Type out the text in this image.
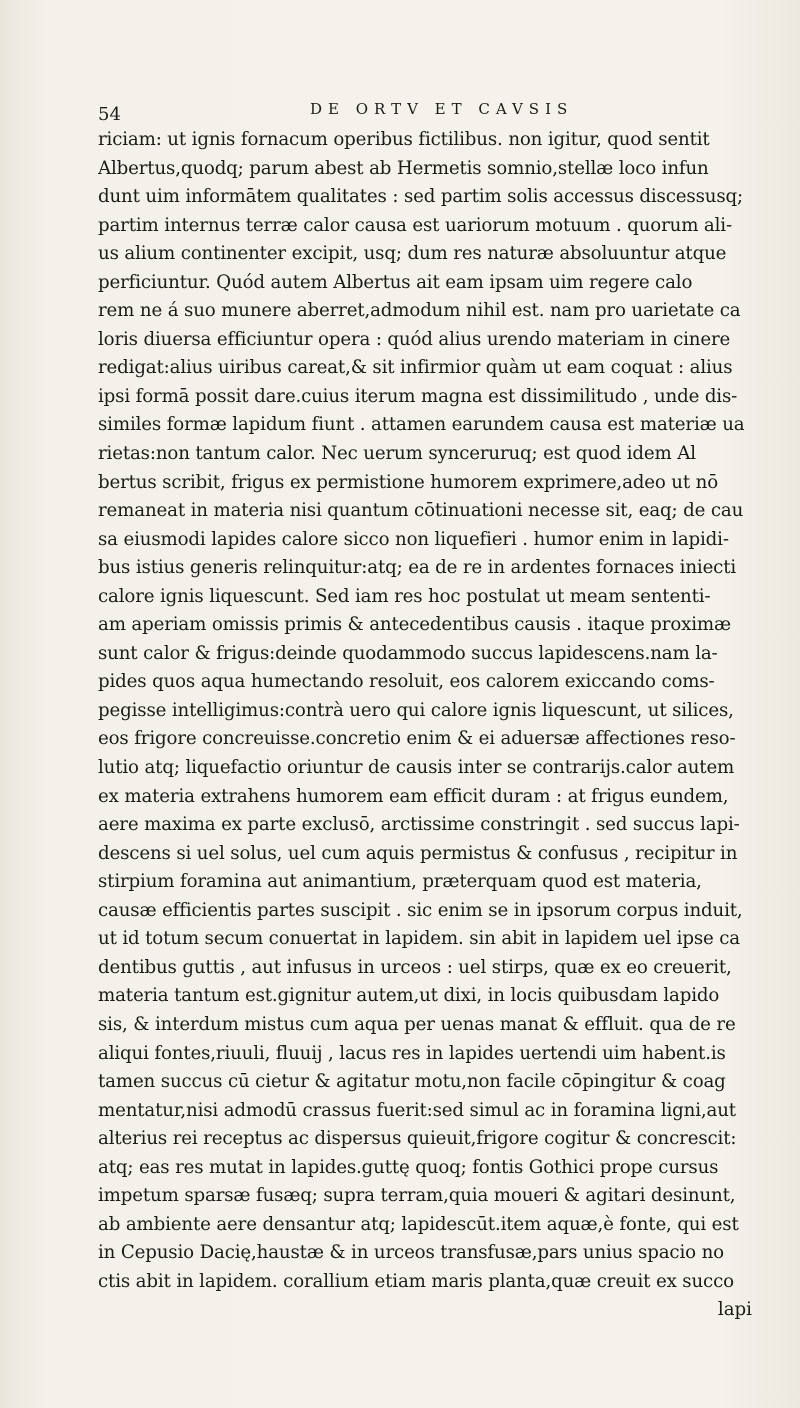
54	DE ORTV ET CAVSIS
riciam: ut ignis fornacum operibus fictilibus. non igitur, quod sentit
Albertus,quodq; parum abest ab Hermetis somnio,stellæ loco infun
dunt uim informātem qualitates : sed partim solis accessus discessusq;
partim internus terræ calor causa est uariorum motuum . quorum ali-
us alium continenter excipit, usq; dum res naturæ absoluuntur atque
perficiuntur. Quód autem Albertus ait eam ipsam uim regere calo
rem ne á suo munere aberret,admodum nihil est. nam pro uarietate ca
loris diuersa efficiuntur opera : quód alius urendo materiam in cinere
redigat:alius uiribus careat,& sit infirmior quàm ut eam coquat : alius
ipsi formā possit dare.cuius iterum magna est dissimilitudo , unde dis-
similes formæ lapidum fiunt . attamen earundem causa est materiæ ua
rietas:non tantum calor. Nec uerum synceruruq; est quod idem Al
bertus scribit, frigus ex permistione humorem exprimere,adeo ut nō
remaneat in materia nisi quantum cōtinuationi necesse sit, eaq; de cau
sa eiusmodi lapides calore sicco non liquefieri . humor enim in lapidi-
bus istius generis relinquitur:atq; ea de re in ardentes fornaces iniecti
calore ignis liquescunt. Sed iam res hoc postulat ut meam sententi-
am aperiam omissis primis & antecedentibus causis . itaque proximæ
sunt calor & frigus:deinde quodammodo succus lapidescens.nam la-
pides quos aqua humectando resoluit, eos calorem exiccando coms-
pegisse intelligimus:contrà uero qui calore ignis liquescunt, ut silices,
eos frigore concreuisse.concretio enim & ei aduersæ affectiones reso-
lutio atq; liquefactio oriuntur de causis inter se contrarijs.calor autem
ex materia extrahens humorem eam efficit duram : at frigus eundem,
aere maxima ex parte exclusō, arctissime constringit . sed succus lapi-
descens si uel solus, uel cum aquis permistus & confusus , recipitur in
stirpium foramina aut animantium, præterquam quod est materia,
causæ efficientis partes suscipit . sic enim se in ipsorum corpus induit,
ut id totum secum conuertat in lapidem. sin abit in lapidem uel ipse ca
dentibus guttis , aut infusus in urceos : uel stirps, quæ ex eo creuerit,
materia tantum est.gignitur autem,ut dixi, in locis quibusdam lapido
sis, & interdum mistus cum aqua per uenas manat & effluit. qua de re
aliqui fontes,riuuli, fluuij , lacus res in lapides uertendi uim habent.is
tamen succus cū cietur & agitatur motu,non facile cōpingitur & coag
mentatur,nisi admodū crassus fuerit:sed simul ac in foramina ligni,aut
alterius rei receptus ac dispersus quieuit,frigore cogitur & concrescit:
atq; eas res mutat in lapides.guttę quoq; fontis Gothici prope cursus
impetum sparsæ fusæq; supra terram,quia moueri & agitari desinunt,
ab ambiente aere densantur atq; lapidescūt.item aquæ,è fonte, qui est
in Cepusio Dacię,haustæ & in urceos transfusæ,pars unius spacio no
ctis abit in lapidem. corallium etiam maris planta,quæ creuit ex succo
lapi
